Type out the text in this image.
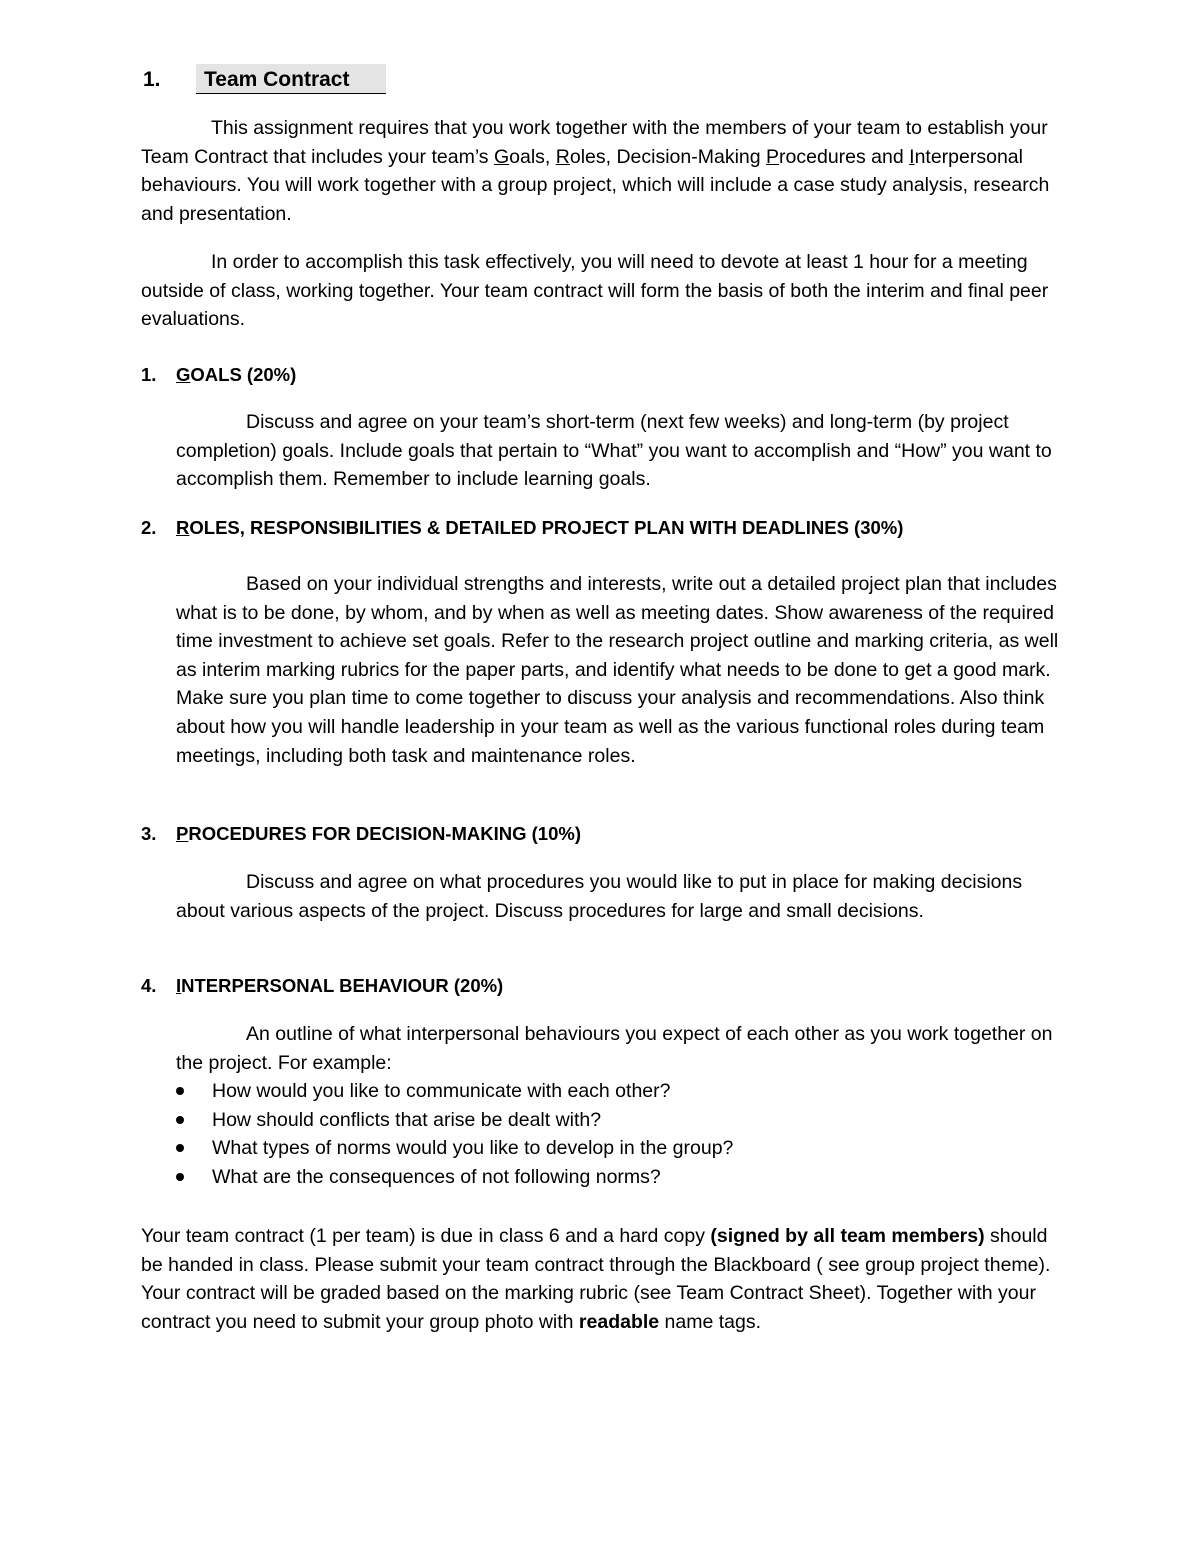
1. Team Contract

This assignment requires that you work together with the members of your team to establish your Team Contract that includes your team’s Goals, Roles, Decision-Making Procedures and Interpersonal behaviours. You will work together with a group project, which will include a case study analysis, research and presentation.

In order to accomplish this task effectively, you will need to devote at least 1 hour for a meeting outside of class, working together. Your team contract will form the basis of both the interim and final peer evaluations.

1. GOALS (20%)

Discuss and agree on your team’s short-term (next few weeks) and long-term (by project completion) goals. Include goals that pertain to “What” you want to accomplish and “How” you want to accomplish them. Remember to include learning goals.

2. ROLES, RESPONSIBILITIES & DETAILED PROJECT PLAN WITH DEADLINES (30%)

Based on your individual strengths and interests, write out a detailed project plan that includes what is to be done, by whom, and by when as well as meeting dates. Show awareness of the required time investment to achieve set goals. Refer to the research project outline and marking criteria, as well as interim marking rubrics for the paper parts, and identify what needs to be done to get a good mark. Make sure you plan time to come together to discuss your analysis and recommendations. Also think about how you will handle leadership in your team as well as the various functional roles during team meetings, including both task and maintenance roles.

3. PROCEDURES FOR DECISION-MAKING (10%)

Discuss and agree on what procedures you would like to put in place for making decisions about various aspects of the project. Discuss procedures for large and small decisions.

4. INTERPERSONAL BEHAVIOUR (20%)

An outline of what interpersonal behaviours you expect of each other as you work together on the project. For example:

How would you like to communicate with each other?
How should conflicts that arise be dealt with?
What types of norms would you like to develop in the group?
What are the consequences of not following norms?

Your team contract (1 per team) is due in class 6 and a hard copy (signed by all team members) should be handed in class. Please submit your team contract through the Blackboard ( see group project theme). Your contract will be graded based on the marking rubric (see Team Contract Sheet). Together with your contract you need to submit your group photo with readable name tags.
